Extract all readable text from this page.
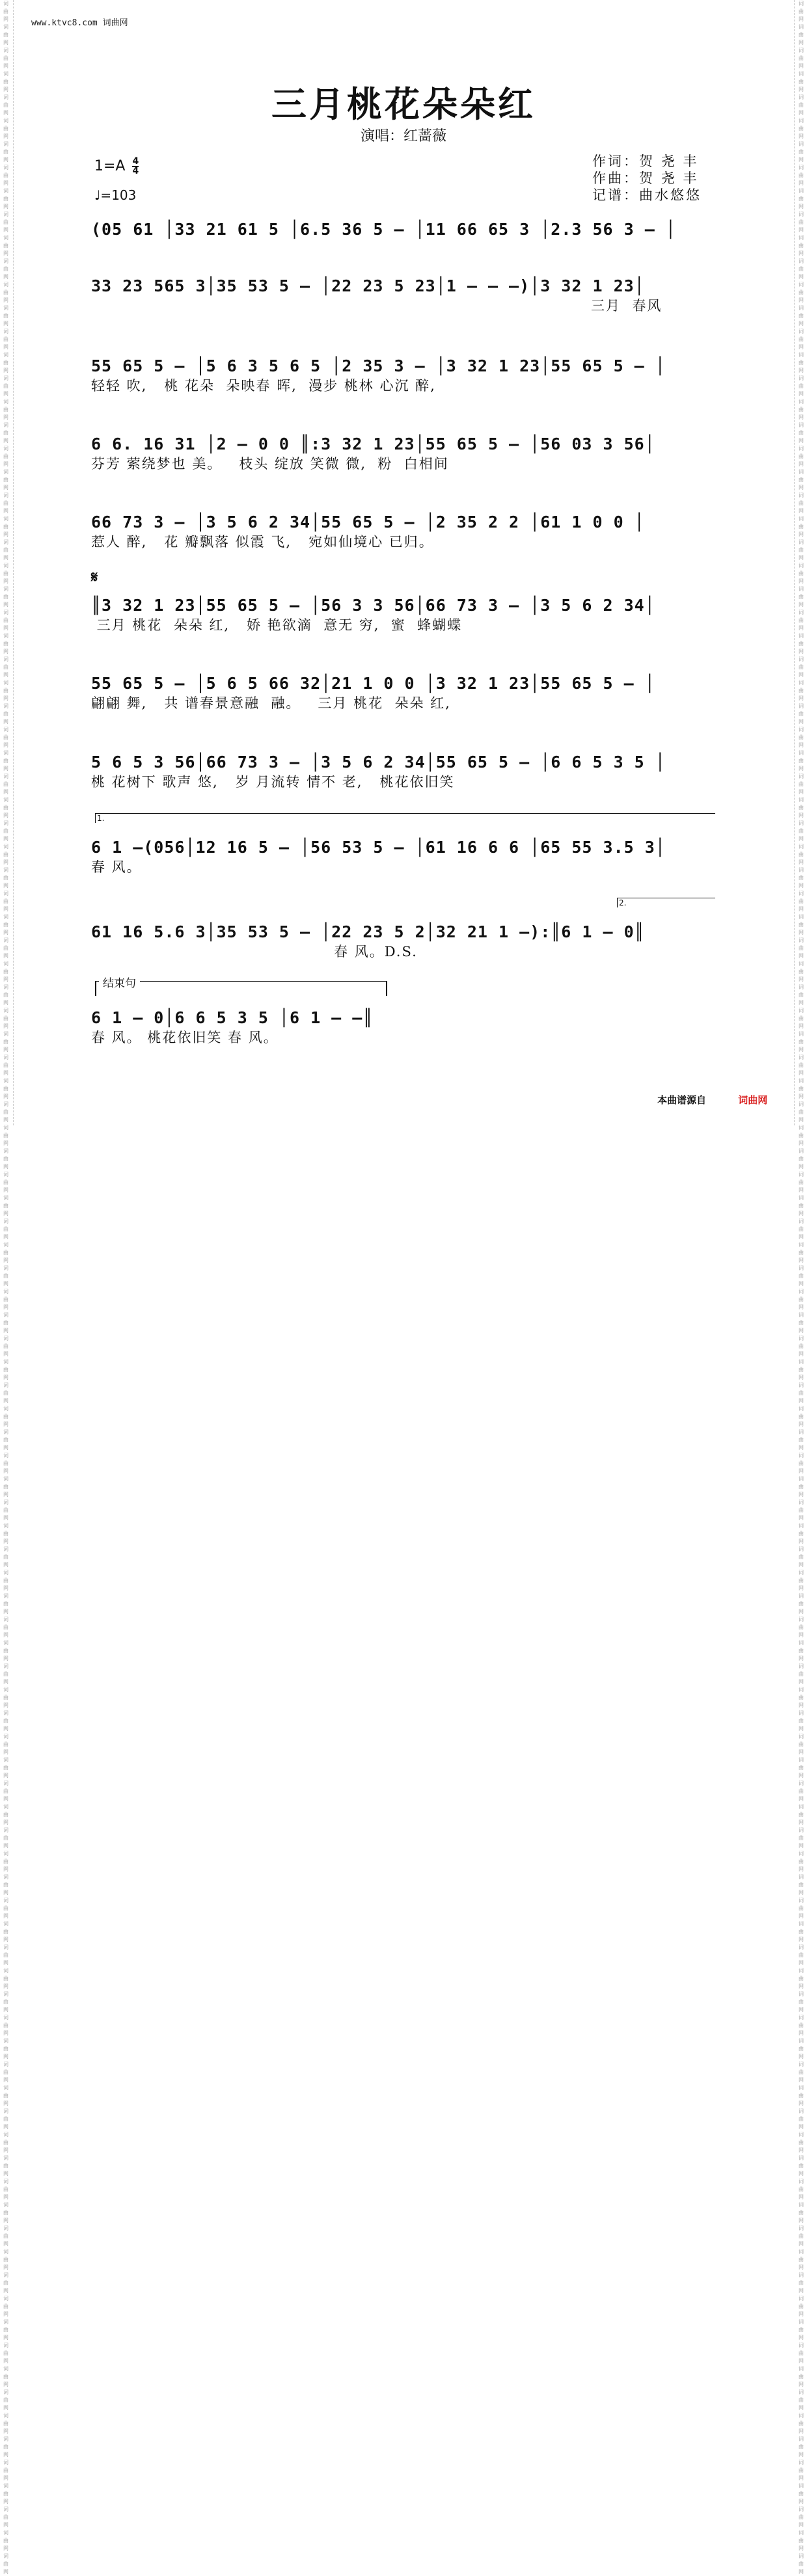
词曲网 词曲网 词曲网 词曲网 词曲网 词曲网 词曲网 词曲网 词曲网 词曲网 词曲网 词曲网 词曲网 词曲网 词曲网 词曲网 词曲网 词曲网 词曲网 词曲网 词曲网 词曲网 词曲网 词曲网 词曲网 词曲网 词曲网 词曲网 词曲网 词曲网 词曲网 词曲网 词曲网 词曲网 词曲网 词曲网 词曲网 词曲网 词曲网 词曲网 词曲网 词曲网 词曲网 词曲网 词曲网 词曲网 词曲网 词曲网 词曲网 词曲网 词曲网 词曲网 词曲网 词曲网 词曲网 词曲网 词曲网 词曲网 词曲网 词曲网 词曲网 词曲网 词曲网 词曲网 词曲网 词曲网 词曲网 词曲网 词曲网 词曲网 词曲网 词曲网 词曲网 词曲网 词曲网 词曲网 词曲网 词曲网 词曲网 词曲网 词曲网 词曲网 词曲网 词曲网 词曲网 词曲网 词曲网 词曲网 词曲网 词曲网 词曲网 词曲网 词曲网 词曲网 词曲网 词曲网 词曲网 词曲网 词曲网 词曲网 词曲网 词曲网 词曲网 词曲网 词曲网 词曲网 词曲网 词曲网 词曲网 词曲网
词曲网 词曲网 词曲网 词曲网 词曲网 词曲网 词曲网 词曲网 词曲网 词曲网 词曲网 词曲网 词曲网 词曲网 词曲网 词曲网 词曲网 词曲网 词曲网 词曲网 词曲网 词曲网 词曲网 词曲网 词曲网 词曲网 词曲网 词曲网 词曲网 词曲网 词曲网 词曲网 词曲网 词曲网 词曲网 词曲网 词曲网 词曲网 词曲网 词曲网 词曲网 词曲网 词曲网 词曲网 词曲网 词曲网 词曲网 词曲网 词曲网 词曲网 词曲网 词曲网 词曲网 词曲网 词曲网 词曲网 词曲网 词曲网 词曲网 词曲网 词曲网 词曲网 词曲网 词曲网 词曲网 词曲网 词曲网 词曲网 词曲网 词曲网 词曲网 词曲网 词曲网 词曲网 词曲网 词曲网 词曲网 词曲网 词曲网 词曲网 词曲网 词曲网 词曲网 词曲网 词曲网 词曲网 词曲网 词曲网 词曲网 词曲网 词曲网 词曲网 词曲网 词曲网 词曲网 词曲网 词曲网 词曲网 词曲网 词曲网 词曲网 词曲网 词曲网 词曲网 词曲网 词曲网 词曲网 词曲网 词曲网 词曲网
www.ktvc8.com 词曲网
三月桃花朵朵红
演唱：红蔷薇
$1=A \frac{4}{4}$
♩=103
作词：贺 尧 丰
作曲：贺 尧 丰
记谱：曲水悠悠
(05 61 │33 21 61 5 │6.5 36 5 – │11 66 65 3 │2.3 56 3 – │
33 23 565 3│35 53 5 – │22 23 5 23│1 – – –)│3 32 1 23│
三月  春风
55 65 5 – │5 6 3 5 6 5 │2 35 3 – │3 32 1 23│55 65 5 – │
轻轻 吹,   桃 花朵  朵映春 晖,  漫步 桃林 心沉 醉,
6 6. 16 31 │2 – 0 0 ║:3 32 1 23│55 65 5 – │56 03 3 56│
芬芳 萦绕梦也 美。   枝头 绽放 笑微 微,  粉  白相间
66 73 3 – │3 5 6 2 34│55 65 5 – │2 35 2 2 │61 1 0 0 │
惹人 醉,   花 瓣飘落 似霞 飞,   宛如仙境心 已归。
𝄋
║3 32 1 23│55 65 5 – │56 3 3 56│66 73 3 – │3 5 6 2 34│
三月 桃花  朵朵 红,   娇 艳欲滴  意无 穷,  蜜  蜂蝴蝶
55 65 5 – │5 6 5 66 32│21 1 0 0 │3 32 1 23│55 65 5 – │
翩翩 舞,   共 谱春景意融  融。   三月 桃花  朵朵 红,
5 6 5 3 56│66 73 3 – │3 5 6 2 34│55 65 5 – │6 6 5 3 5 │
桃 花树下 歌声 悠,   岁 月流转 情不 老,   桃花依旧笑
1.
6 1 –(056│12 16 5 – │56 53 5 – │61 16 6 6 │65 55 3.5 3│
春 风。
2.
61 16 5.6 3│35 53 5 – │22 23 5 2│32 21 1 –):║6 1 – 0║
春 风。D.S.
结束句
6 1 – 0│6 6 5 3 5 │6 1 – –║
春 风。 桃花依旧笑 春 风。
本曲谱源自	词曲网
